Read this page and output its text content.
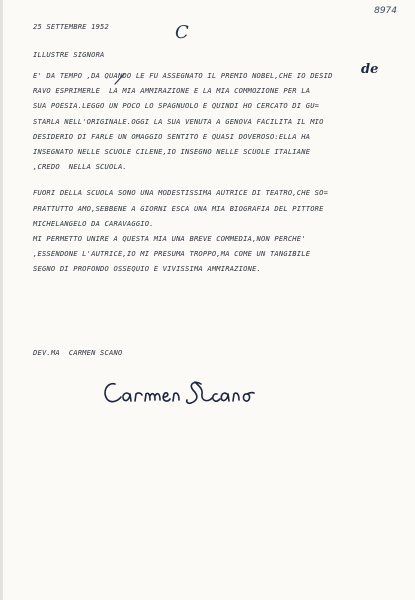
8974
C

25 SETTEMBRE 1952

ILLUSTRE SIGNORA

de
E' DA TEMPO ,DA QUANDO LE FU ASSEGNATO IL PREMIO NOBEL,CHE IO DESID
RAVO ESPRIMERLE  LA MIA AMMIRAZIONE E LA MIA COMMOZIONE PER LA
SUA POESIA.LEGGO UN POCO LO SPAGNUOLO E QUINDI HO CERCATO DI GU=
STARLA NELL'ORIGINALE.OGGI LA SUA VENUTA A GENOVA FACILITA IL MIO
DESIDERIO DI FARLE UN OMAGGIO SENTITO E QUASI DOVEROSO:ELLA HA
INSEGNATO NELLE SCUOLE CILENE,IO INSEGNO NELLE SCUOLE ITALIANE
,CREDO  NELLA SCUOLA.
FUORI DELLA SCUOLA SONO UNA MODESTISSIMA AUTRICE DI TEATRO,CHE SO=
PRATTUTTO AMO,SEBBENE A GIORNI ESCA UNA MIA BIOGRAFIA DEL PITTORE
MICHELANGELO DA CARAVAGGIO.
MI PERMETTO UNIRE A QUESTA MIA UNA BREVE COMMEDIA,NON PERCHE'
,ESSENDONE L'AUTRICE,IO MI PRESUMA TROPPO,MA COME UN TANGIBILE
SEGNO DI PROFONDO OSSEQUIO E VIVISSIMA AMMIRAZIONE.

DEV.MA  CARMEN SCANO
